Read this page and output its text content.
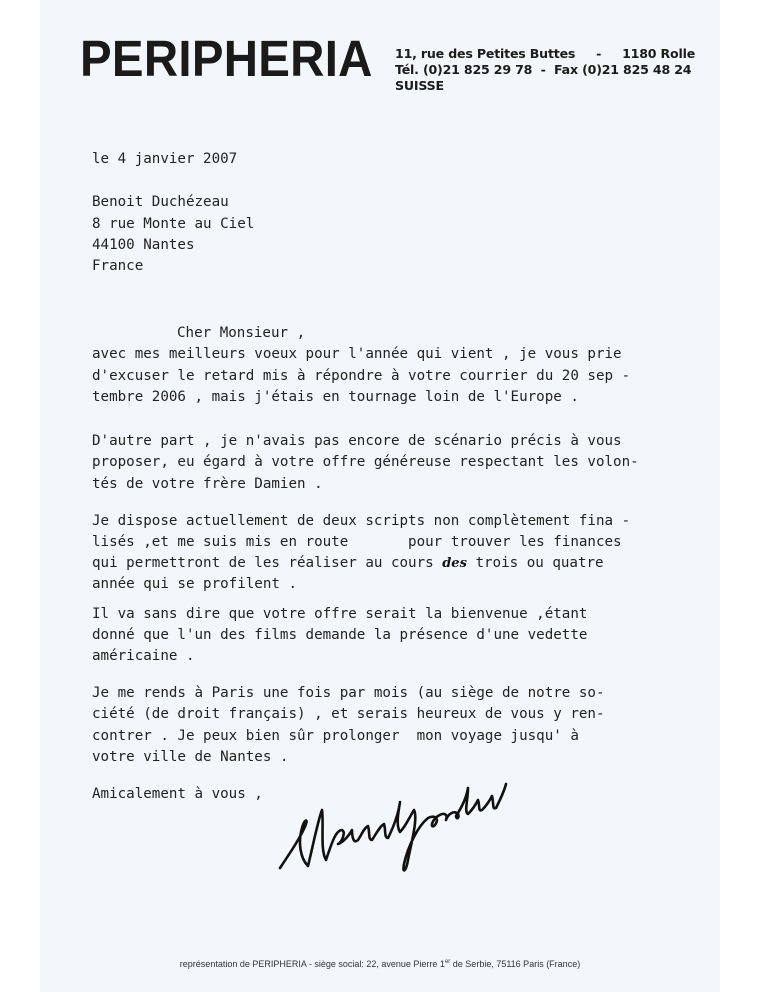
PERIPHERIA 11, rue des Petites Buttes     -     1180 Rolle
Tél. (0)21 825 29 78  -  Fax (0)21 825 48 24
SUISSE
le 4 janvier 2007
Benoit Duchézeau
8 rue Monte au Ciel
44100 Nantes
France
Cher Monsieur ,
avec mes meilleurs voeux pour l'année qui vient , je vous prie
d'excuser le retard mis à répondre à votre courrier du 20 sep -
tembre 2006 , mais j'étais en tournage loin de l'Europe .
D'autre part , je n'avais pas encore de scénario précis à vous
proposer, eu égard à votre offre généreuse respectant les volon-
tés de votre frère Damien .
Je dispose actuellement de deux scripts non complètement fina -
lisés ,et me suis mis en route       pour trouver les finances
qui permettront de les réaliser au cours des trois ou quatre
année qui se profilent .
Il va sans dire que votre offre serait la bienvenue ,étant
donné que l'un des films demande la présence d'une vedette
américaine .
Je me rends à Paris une fois par mois (au siège de notre so-
ciété (de droit français) , et serais heureux de vous y ren-
contrer . Je peux bien sûr prolonger  mon voyage jusqu' à
votre ville de Nantes .
Amicalement à vous ,
représentation de PERIPHERIA - siège social: 22, avenue Pierre 1er de Serbie, 75116 Paris (France)
